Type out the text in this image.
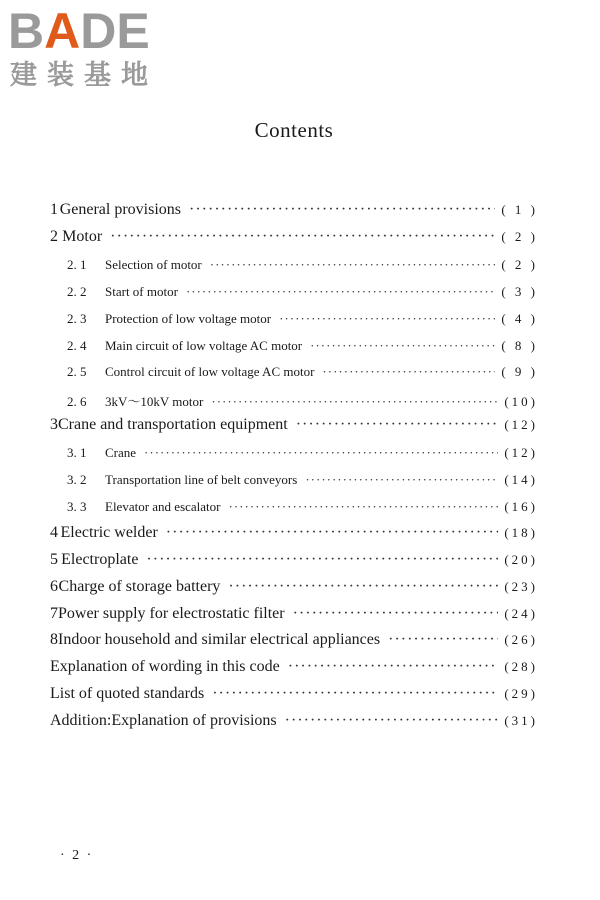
BADE
建装基地
Contents
1 General provisions ·····	( 1 )
2 Motor ·····	( 2 )
2. 1	Selection of motor ·····	( 2 )
2. 2	Start of motor ·····	( 3 )
2. 3	Protection of low voltage motor ·····	( 4 )
2. 4	Main circuit of low voltage AC motor ·····	( 8 )
2. 5	Control circuit of low voltage AC motor ·····	( 9 )
2. 6	3kV～10kV motor ·····	(10)
3 Crane and transportation equipment ·····	(12)
3. 1	Crane ·····	(12)
3. 2	Transportation line of belt conveyors ·····	(14)
3. 3	Elevator and escalator ·····	(16)
4 Electric welder ·····	(18)
5 Electroplate ·····	(20)
6 Charge of storage battery ·····	(23)
7 Power supply for electrostatic filter ·····	(24)
8 Indoor household and similar electrical appliances ·····	(26)
Explanation of wording in this code ·····	(28)
List of quoted standards ·····	(29)
Addition:Explanation of provisions ·····	(31)
· 2 ·
